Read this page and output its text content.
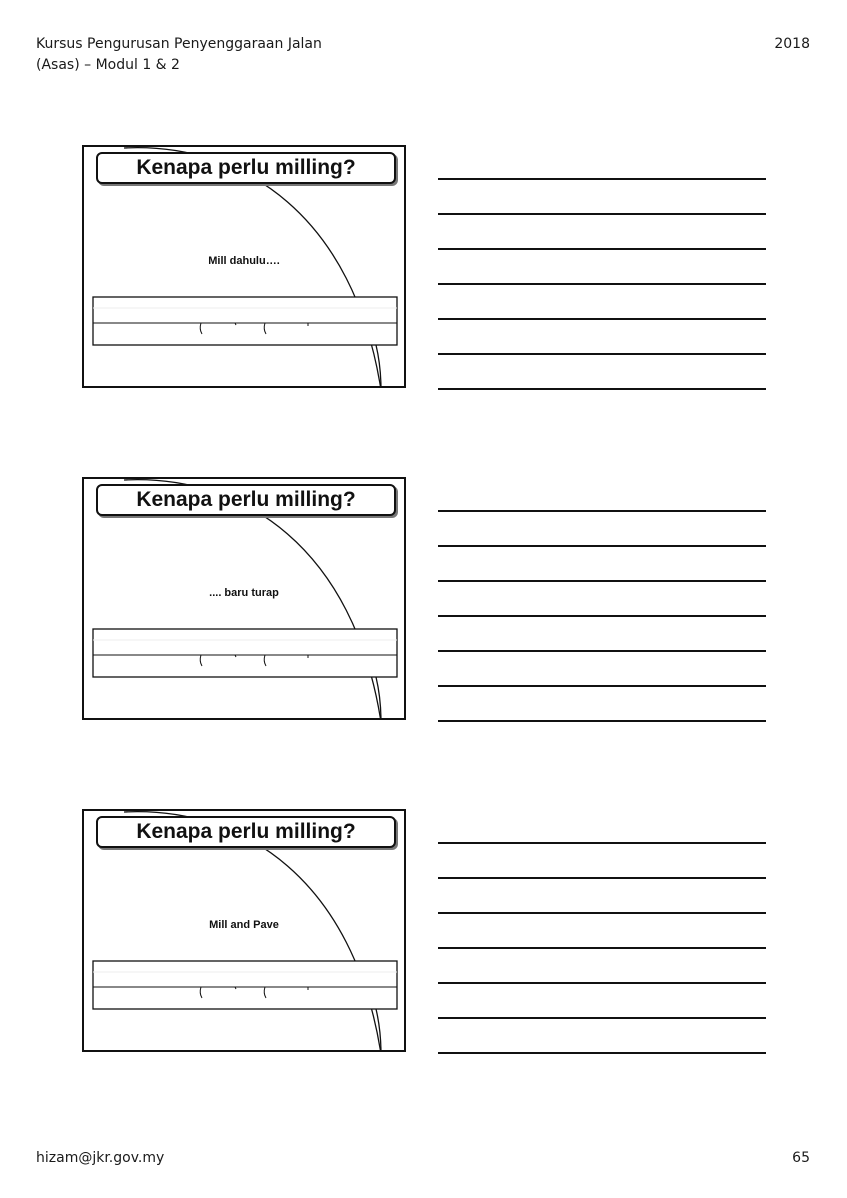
Kursus Pengurusan Penyenggaraan Jalan
(Asas) – Modul 1 & 2
2018
Kenapa perlu milling?
Mill dahulu….
Kenapa perlu milling?
.... baru turap
Kenapa perlu milling?
Mill and Pave
hizam@jkr.gov.my	65
